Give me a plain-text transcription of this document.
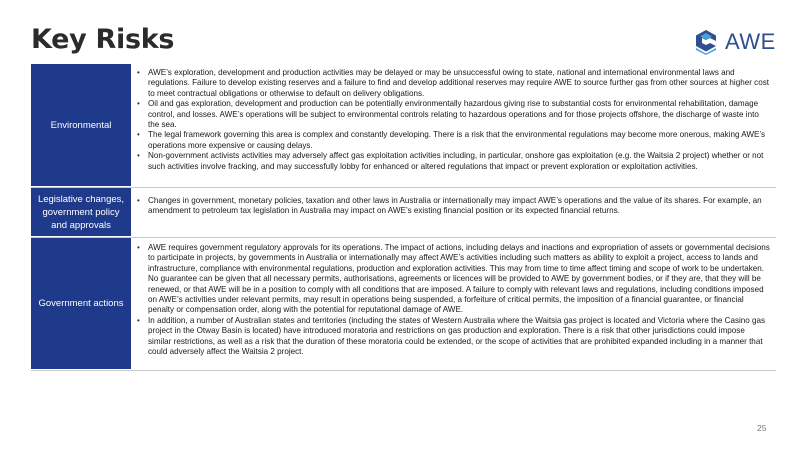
Key Risks	AWE
Environmental
• AWE’s exploration, development and production activities may be delayed or may be unsuccessful owing to state, national and international environmental laws and regulations. Failure to develop existing reserves and a failure to find and develop additional reserves may require AWE to source further gas from other sources at higher cost to meet contractual obligations or otherwise to default on delivery obligations.
• Oil and gas exploration, development and production can be potentially environmentally hazardous giving rise to substantial costs for environmental rehabilitation, damage control, and losses. AWE’s operations will be subject to environmental controls relating to hazardous operations and for those projects offshore, the discharge of waste into the sea.
• The legal framework governing this area is complex and constantly developing. There is a risk that the environmental regulations may become more onerous, making AWE’s operations more expensive or causing delays.
• Non-government activists activities may adversely affect gas exploitation activities including, in particular, onshore gas exploitation (e.g. the Waitsia 2 project) whether or not such activities involve fracking, and may successfully lobby for enhanced or altered regulations that impact or prevent exploration or exploitation activities.
Legislative changes, government policy and approvals
• Changes in government, monetary policies, taxation and other laws in Australia or internationally may impact AWE’s operations and the value of its shares. For example, an amendment to petroleum tax legislation in Australia may impact on AWE’s existing financial position or its expected financial returns.
Government actions
• AWE requires government regulatory approvals for its operations. The impact of actions, including delays and inactions and expropriation of assets or governmental decisions to participate in projects, by governments in Australia or internationally may affect AWE’s activities including such matters as ability to exploit a project, access to lands and infrastructure, compliance with environmental regulations, production and exploration activities. This may from time to time affect timing and scope of work to be undertaken. No guarantee can be given that all necessary permits, authorisations, agreements or licences will be provided to AWE by government bodies, or if they are, that they will be renewed, or that AWE will be in a position to comply with all conditions that are imposed. A failure to comply with relevant laws and regulations, including conditions imposed on AWE’s activities under relevant permits, may result in operations being suspended, a forfeiture of critical permits, the imposition of a financial guarantee, or financial penalty or compensation order, along with the potential for reputational damage of AWE.
• In addition, a number of Australian states and territories (including the states of Western Australia where the Waitsia gas project is located and Victoria where the Casino gas project in the Otway Basin is located) have introduced moratoria and restrictions on gas production and exploration. There is a risk that other jurisdictions could impose similar restrictions, as well as a risk that the duration of these moratoria could be extended, or the scope of activities that are prohibited expanded including in a manner that could adversely affect the Waitsia 2 project.
25
